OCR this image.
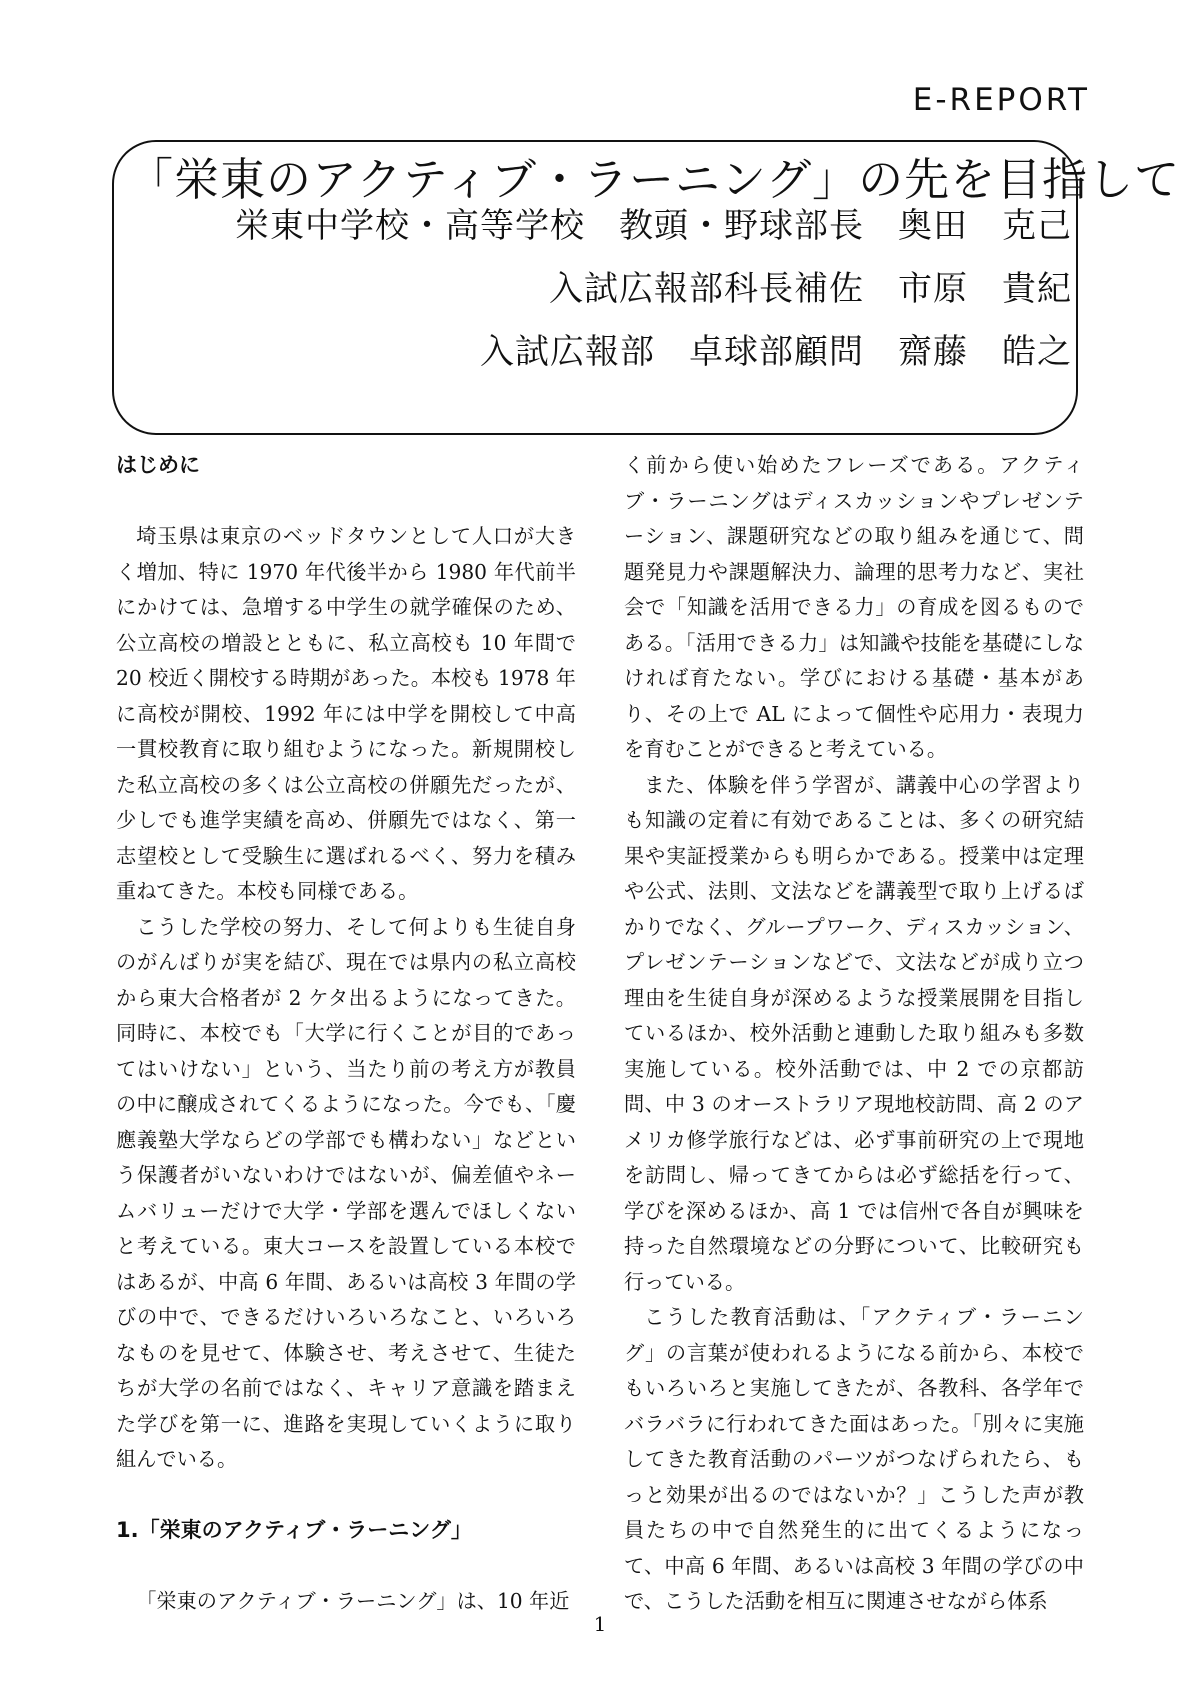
E-REPORT
「栄東のアクティブ・ラーニング」の先を目指して

栄東中学校・高等学校 教頭・野球部長 奥田 克己

入試広報部科長補佐 市原 貴紀

入試広報部 卓球部顧問 齋藤 皓之

はじめに

埼玉県は東京のベッドタウンとして人口が大きく増加、特に 1970 年代後半から 1980 年代前半にかけては、急増する中学生の就学確保のため、公立高校の増設とともに、私立高校も 10 年間で 20 校近く開校する時期があった。本校も 1978 年に高校が開校、1992 年には中学を開校して中高一貫校教育に取り組むようになった。新規開校した私立高校の多くは公立高校の併願先だったが、少しでも進学実績を高め、併願先ではなく、第一志望校として受験生に選ばれるべく、努力を積み重ねてきた。本校も同様である。

こうした学校の努力、そして何よりも生徒自身のがんばりが実を結び、現在では県内の私立高校から東大合格者が 2 ケタ出るようになってきた。同時に、本校でも「大学に行くことが目的であってはいけない」という、当たり前の考え方が教員の中に醸成されてくるようになった。今でも、「慶應義塾大学ならどの学部でも構わない」などという保護者がいないわけではないが、偏差値やネームバリューだけで大学・学部を選んでほしくないと考えている。東大コースを設置している本校ではあるが、中高 6 年間、あるいは高校 3 年間の学びの中で、できるだけいろいろなこと、いろいろなものを見せて、体験させ、考えさせて、生徒たちが大学の名前ではなく、キャリア意識を踏まえた学びを第一に、進路を実現していくように取り組んでいる。

1.「栄東のアクティブ・ラーニング」

「栄東のアクティブ・ラーニング」は、10 年近

く前から使い始めたフレーズである。アクティブ・ラーニングはディスカッションやプレゼンテーション、課題研究などの取り組みを通じて、問題発見力や課題解決力、論理的思考力など、実社会で「知識を活用できる力」の育成を図るものである。「活用できる力」は知識や技能を基礎にしなければ育たない。学びにおける基礎・基本があり、その上で AL によって個性や応用力・表現力を育むことができると考えている。

また、体験を伴う学習が、講義中心の学習よりも知識の定着に有効であることは、多くの研究結果や実証授業からも明らかである。授業中は定理や公式、法則、文法などを講義型で取り上げるばかりでなく、グループワーク、ディスカッション、プレゼンテーションなどで、文法などが成り立つ理由を生徒自身が深めるような授業展開を目指しているほか、校外活動と連動した取り組みも多数実施している。校外活動では、中 2 での京都訪問、中 3 のオーストラリア現地校訪問、高 2 のアメリカ修学旅行などは、必ず事前研究の上で現地を訪問し、帰ってきてからは必ず総括を行って、学びを深めるほか、高 1 では信州で各自が興味を持った自然環境などの分野について、比較研究も行っている。

こうした教育活動は、「アクティブ・ラーニング」の言葉が使われるようになる前から、本校でもいろいろと実施してきたが、各教科、各学年でバラバラに行われてきた面はあった。「別々に実施してきた教育活動のパーツがつなげられたら、もっと効果が出るのではないか？」こうした声が教員たちの中で自然発生的に出てくるようになって、中高 6 年間、あるいは高校 3 年間の学びの中で、こうした活動を相互に関連させながら体系

1
